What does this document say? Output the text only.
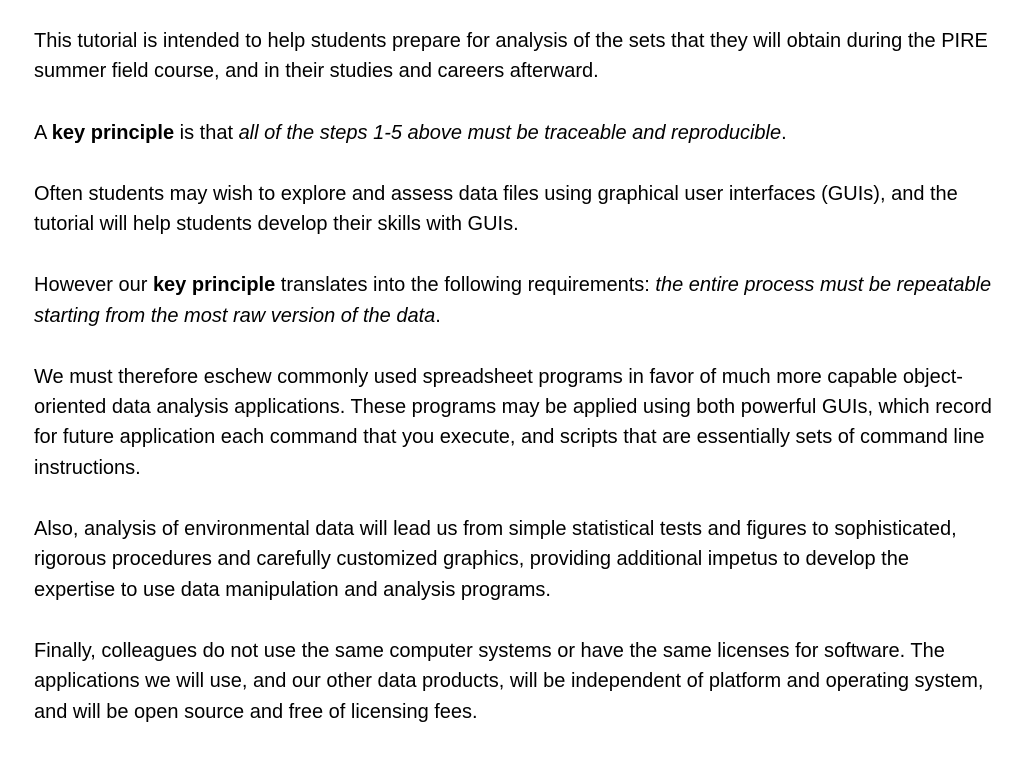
This tutorial is intended to help students prepare for analysis of the sets that they will obtain during the PIRE summer field course, and in their studies and careers afterward.

A key principle is that all of the steps 1-5 above must be traceable and reproducible.

Often students may wish to explore and assess data files using graphical user interfaces (GUIs), and the tutorial will help students develop their skills with GUIs.

However our key principle translates into the following requirements: the entire process must be repeatable starting from the most raw version of the data.

We must therefore eschew commonly used spreadsheet programs in favor of much more capable object-oriented data analysis applications. These programs may be applied using both powerful GUIs, which record for future application each command that you execute, and scripts that are essentially sets of command line instructions.

Also, analysis of environmental data will lead us from simple statistical tests and figures to sophisticated, rigorous procedures and carefully customized graphics, providing additional impetus to develop the expertise to use data manipulation and analysis programs.

Finally, colleagues do not use the same computer systems or have the same licenses for software. The applications we will use, and our other data products, will be independent of platform and operating system, and will be open source and free of licensing fees.
